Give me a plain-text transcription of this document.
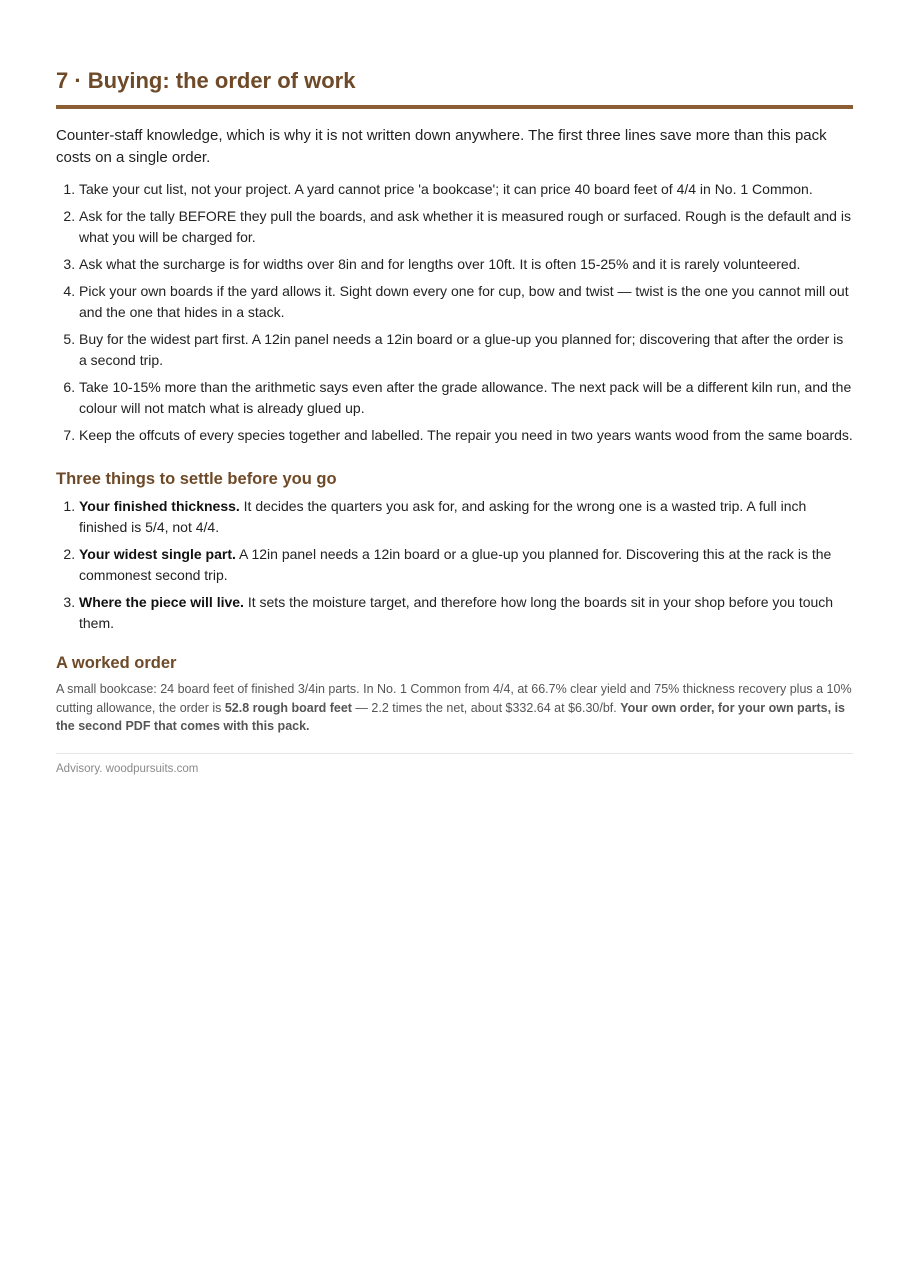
7 · Buying: the order of work

Counter-staff knowledge, which is why it is not written down anywhere. The first three lines save more than this pack costs on a single order.

1. Take your cut list, not your project. A yard cannot price 'a bookcase'; it can price 40 board feet of 4/4 in No. 1 Common.
2. Ask for the tally BEFORE they pull the boards, and ask whether it is measured rough or surfaced. Rough is the default and is what you will be charged for.
3. Ask what the surcharge is for widths over 8in and for lengths over 10ft. It is often 15-25% and it is rarely volunteered.
4. Pick your own boards if the yard allows it. Sight down every one for cup, bow and twist — twist is the one you cannot mill out and the one that hides in a stack.
5. Buy for the widest part first. A 12in panel needs a 12in board or a glue-up you planned for; discovering that after the order is a second trip.
6. Take 10-15% more than the arithmetic says even after the grade allowance. The next pack will be a different kiln run, and the colour will not match what is already glued up.
7. Keep the offcuts of every species together and labelled. The repair you need in two years wants wood from the same boards.
Three things to settle before you go
1. Your finished thickness. It decides the quarters you ask for, and asking for the wrong one is a wasted trip. A full inch finished is 5/4, not 4/4.
2. Your widest single part. A 12in panel needs a 12in board or a glue-up you planned for. Discovering this at the rack is the commonest second trip.
3. Where the piece will live. It sets the moisture target, and therefore how long the boards sit in your shop before you touch them.
A worked order

A small bookcase: 24 board feet of finished 3/4in parts. In No. 1 Common from 4/4, at 66.7% clear yield and 75% thickness recovery plus a 10% cutting allowance, the order is 52.8 rough board feet — 2.2 times the net, about $332.64 at $6.30/bf. Your own order, for your own parts, is the second PDF that comes with this pack.

Advisory. woodpursuits.com
